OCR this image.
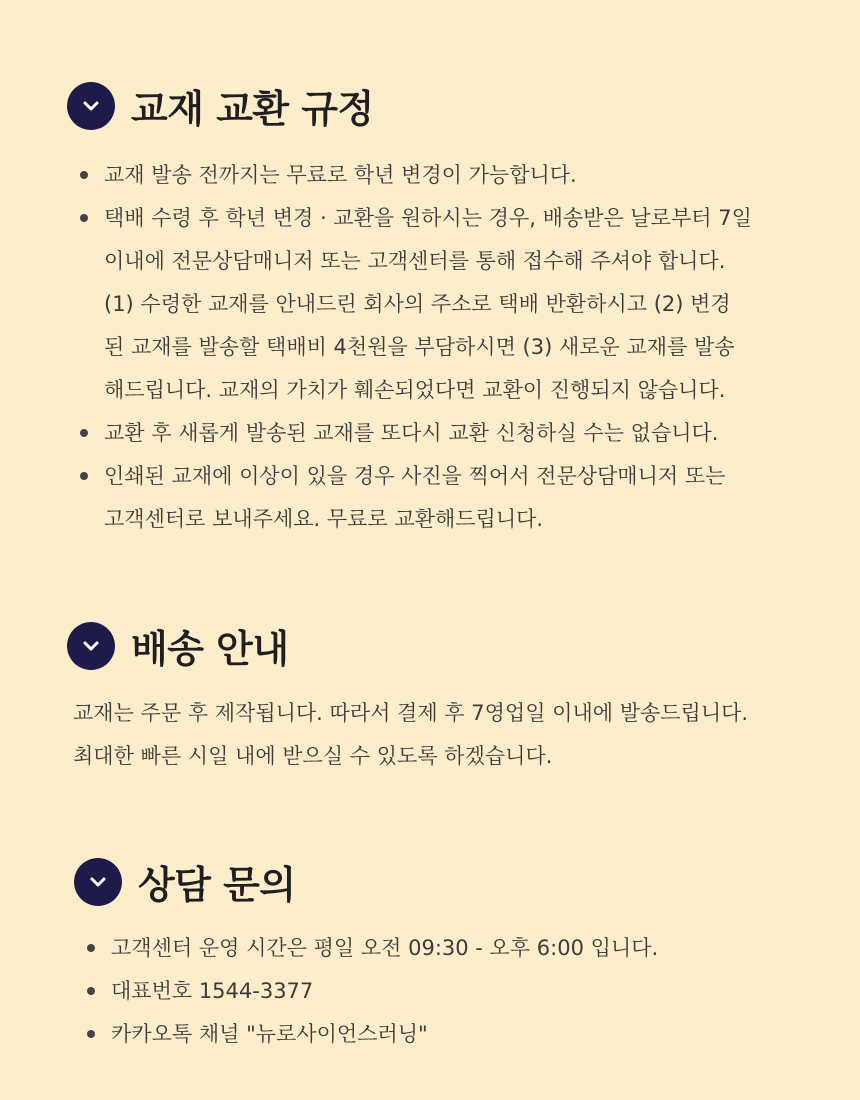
교재 교환 규정
교재 발송 전까지는 무료로 학년 변경이 가능합니다.
택배 수령 후 학년 변경 · 교환을 원하시는 경우, 배송받은 날로부터 7일
이내에 전문상담매니저 또는 고객센터를 통해 접수해 주셔야 합니다.
(1) 수령한 교재를 안내드린 회사의 주소로 택배 반환하시고 (2) 변경
된 교재를 발송할 택배비 4천원을 부담하시면 (3) 새로운 교재를 발송
해드립니다. 교재의 가치가 훼손되었다면 교환이 진행되지 않습니다.
교환 후 새롭게 발송된 교재를 또다시 교환 신청하실 수는 없습니다.
인쇄된 교재에 이상이 있을 경우 사진을 찍어서 전문상담매니저 또는
고객센터로 보내주세요. 무료로 교환해드립니다.
배송 안내
교재는 주문 후 제작됩니다. 따라서 결제 후 7영업일 이내에 발송드립니다.
최대한 빠른 시일 내에 받으실 수 있도록 하겠습니다.
상담 문의
고객센터 운영 시간은 평일 오전 09:30 - 오후 6:00 입니다.
대표번호 1544-3377
카카오톡 채널 "뉴로사이언스러닝"
